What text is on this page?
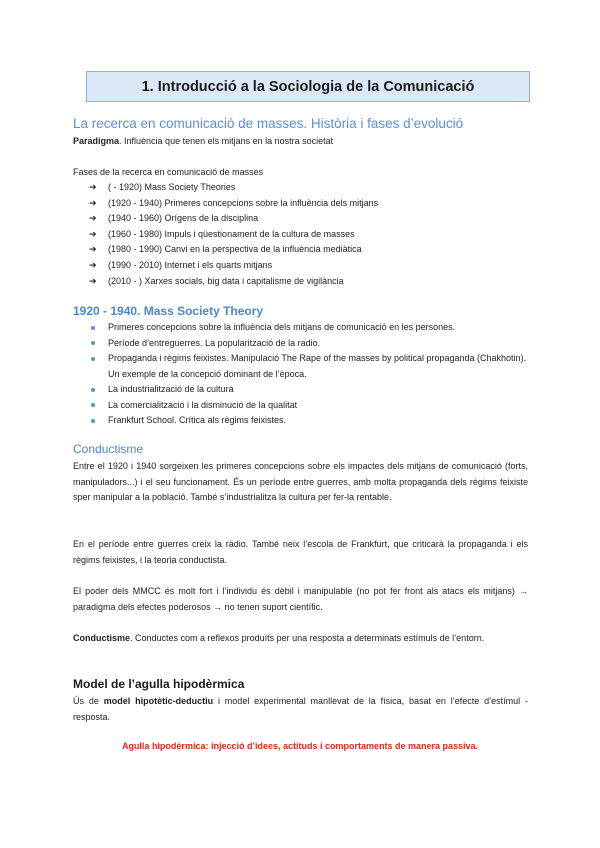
1. Introducció a la Sociologia de la Comunicació
La recerca en comunicació de masses. Història i fases d’evolució
Paradigma. Influència que tenen els mitjans en la nostra societat
Fases de la recerca en comunicació de masses
➔ ( - 1920) Mass Society Theories
➔ (1920 - 1940) Primeres concepcions sobre la influència dels mitjans
➔ (1940 - 1960) Orígens de la disciplina
➔ (1960 - 1980) Impuls i qüestionament de la cultura de masses
➔ (1980 - 1990) Canvi en la perspectiva de la influència mediàtica
➔ (1990 - 2010) Internet i els quarts mitjans
➔ (2010 - ) Xarxes socials, big data i capitalisme de vigilància
1920 - 1940. Mass Society Theory
Primeres concepcions sobre la influència dels mitjans de comunicació en les persones.
Període d’entreguerres. La popularització de la radio.
Propaganda i règims feixistes. Manipulació The Rape of the masses by political propaganda (Chakhotin). Un exemple de la concepció dominant de l’època.
La industrialització de la cultura
La comercialització i la disminució de la qualitat
Frankfurt School. Crítica als règims feixistes.
Conductisme
Entre el 1920 i 1940 sorgeixen les primeres concepcions sobre els impactes dels mitjans de comunicació (forts, manipuladors...) i el seu funcionament. És un període entre guerres, amb molta propaganda dels règims feixiste sper manipular a la població. També s’industrialitza la cultura per fer-la rentable.
En el període entre guerres creix la ràdio. També neix l’escola de Frankfurt, que criticarà la propaganda i els règims feixistes, i la teoria conductista.
El poder dels MMCC és molt fort i l’individu és dèbil i manipulable (no pot fer front als atacs els mitjans) → paradigma dels efectes poderosos → no tenen suport científic.
Conductisme. Conductes com a reflexos produïts per una resposta a determinats estímuls de l’entorn.
Model de l’agulla hipodèrmica
Ús de model hipotètic-deductiu i model experimental manllevat de la física, basat en l’efecte d’estímul - resposta.
Agulla hipodèrmica: injecció d’idees, actituds i comportaments de manera passiva.
